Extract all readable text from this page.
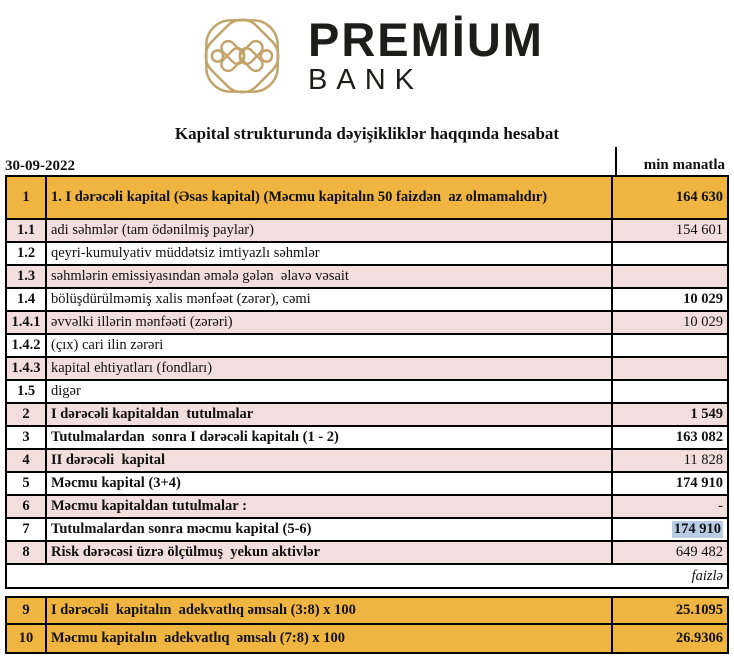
PREMİUM
BANK
Kapital strukturunda dəyişikliklər haqqında hesabat
30-09-2022	min manatla
1	1. I dərəcəli kapital (Əsas kapital) (Məcmu kapitalın 50 faizdən  az olmamalıdır)	164 630
1.1	adi səhmlər (tam ödənilmiş paylar)	154 601
1.2	qeyri-kumulyativ müddətsiz imtiyazlı səhmlər
1.3	səhmlərin emissiyasından əmələ gələn  əlavə vəsait
1.4	bölüşdürülməmiş xalis mənfəət (zərər), cəmi	10 029
1.4.1 əvvəlki illərin mənfəəti (zərəri)	10 029
1.4.2 (çıx) cari ilin zərəri
1.4.3 kapital ehtiyatları (fondları)
1.5	digər
2	I dərəcəli kapitaldan  tutulmalar	1 549
3	Tutulmalardan  sonra I dərəcəli kapitalı (1 - 2)	163 082
4	II dərəcəli  kapital	11 828
5	Məcmu kapital (3+4)	174 910
6	Məcmu kapitaldan tutulmalar :	-
7	Tutulmalardan sonra məcmu kapital (5-6)	174 910
8	Risk dərəcəsi üzrə ölçülmuş  yekun aktivlər	649 482
faizlə
9	I dərəcəli  kapitalın  adekvatlıq əmsalı (3:8) x 100	25.1095
10	Məcmu kapitalın  adekvatlıq  əmsalı (7:8) x 100	26.9306
